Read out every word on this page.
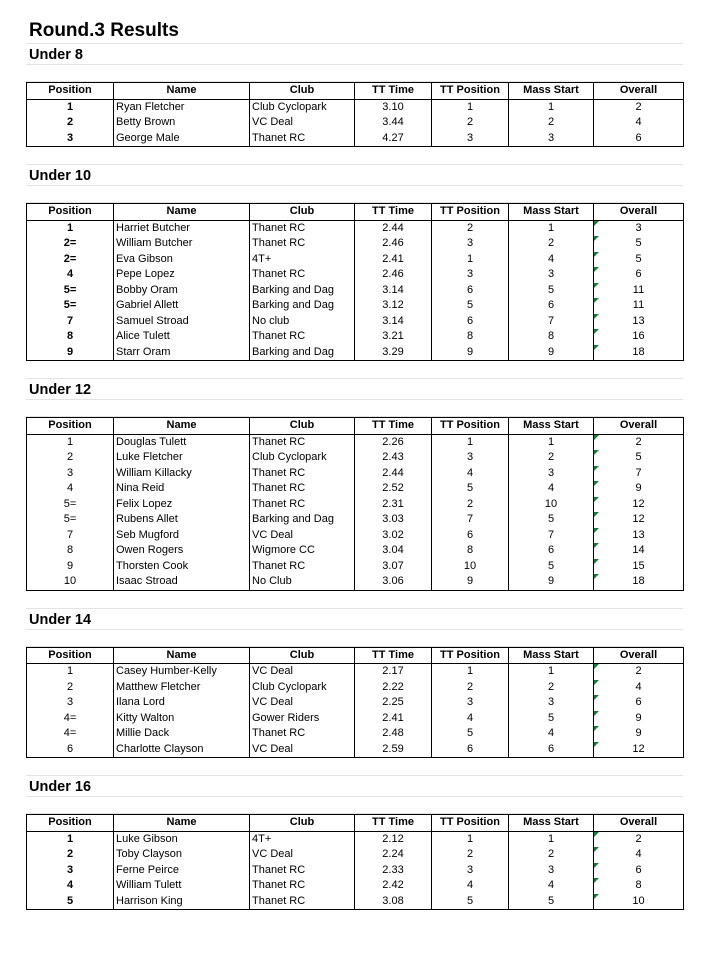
Round.3 Results
Under 8
Position	Name	Club	TT Time	TT Position	Mass Start	Overall
1	Ryan Fletcher	Club Cyclopark	3.10	1	1	2
2	Betty Brown	VC Deal	3.44	2	2	4
3	George Male	Thanet RC	4.27	3	3	6
Under 10
Position	Name	Club	TT Time	TT Position	Mass Start	Overall
1	Harriet Butcher	Thanet RC	2.44	2	1	3
2=	William Butcher	Thanet RC	2.46	3	2	5
2=	Eva Gibson	4T+	2.41	1	4	5
4	Pepe Lopez	Thanet RC	2.46	3	3	6
5=	Bobby Oram	Barking and Dag	3.14	6	5	11
5=	Gabriel Allett	Barking and Dag	3.12	5	6	11
7	Samuel Stroad	No club	3.14	6	7	13
8	Alice Tulett	Thanet RC	3.21	8	8	16
9	Starr Oram	Barking and Dag	3.29	9	9	18
Under 12
Position	Name	Club	TT Time	TT Position	Mass Start	Overall
1	Douglas Tulett	Thanet RC	2.26	1	1	2
2	Luke Fletcher	Club Cyclopark	2.43	3	2	5
3	William Killacky	Thanet RC	2.44	4	3	7
4	Nina Reid	Thanet RC	2.52	5	4	9
5=	Felix Lopez	Thanet RC	2.31	2	10	12
5=	Rubens Allet	Barking and Dag	3.03	7	5	12
7	Seb Mugford	VC Deal	3.02	6	7	13
8	Owen Rogers	Wigmore CC	3.04	8	6	14
9	Thorsten Cook	Thanet RC	3.07	10	5	15
10	Isaac Stroad	No Club	3.06	9	9	18
Under 14
Position	Name	Club	TT Time	TT Position	Mass Start	Overall
1	Casey Humber-Kelly	VC Deal	2.17	1	1	2
2	Matthew Fletcher	Club Cyclopark	2.22	2	2	4
3	Ilana Lord	VC Deal	2.25	3	3	6
4=	Kitty Walton	Gower Riders	2.41	4	5	9
4=	Millie Dack	Thanet RC	2.48	5	4	9
6	Charlotte Clayson	VC Deal	2.59	6	6	12
Under 16
Position	Name	Club	TT Time	TT Position	Mass Start	Overall
1	Luke Gibson	4T+	2.12	1	1	2
2	Toby Clayson	VC Deal	2.24	2	2	4
3	Ferne Peirce	Thanet RC	2.33	3	3	6
4	William Tulett	Thanet RC	2.42	4	4	8
5	Harrison King	Thanet RC	3.08	5	5	10
